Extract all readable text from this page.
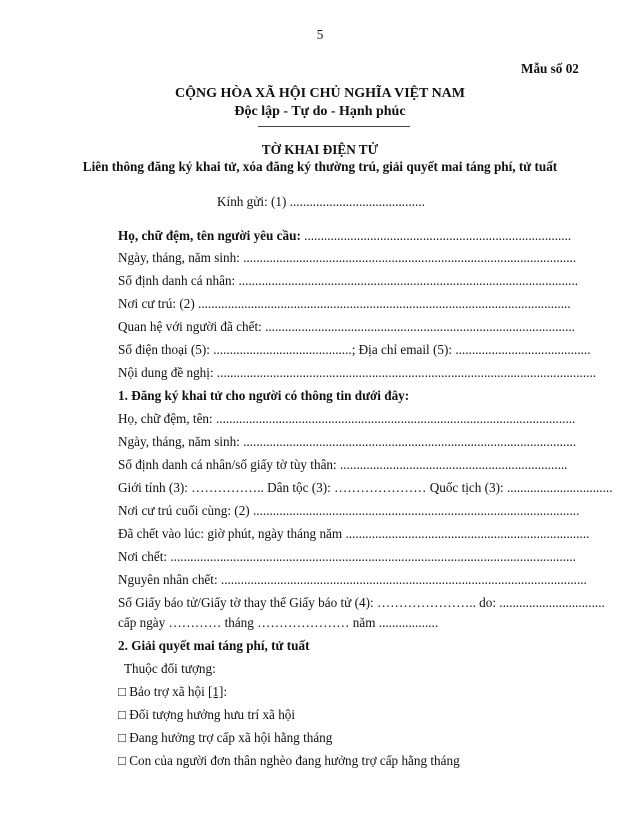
5
Mẫu số 02
CỘNG HÒA XÃ HỘI CHỦ NGHĨA VIỆT NAM
Độc lập - Tự do - Hạnh phúc
TỜ KHAI ĐIỆN TỬ
Liên thông đăng ký khai tử, xóa đăng ký thường trú, giải quyết mai táng phí, tử tuất
Kính gửi: (1) .........................................
Họ, chữ đệm, tên người yêu cầu: .................................................................................
Ngày, tháng, năm sinh: .....................................................................................................
Số định danh cá nhân: .......................................................................................................
Nơi cư trú: (2) .................................................................................................................
Quan hệ với người đã chết: ..............................................................................................
Số điện thoại (5): ..........................................; Địa chỉ email (5): .........................................
Nội dung đề nghị: ...................................................................................................................
1. Đăng ký khai tử cho người có thông tin dưới đây:
Họ, chữ đệm, tên: .............................................................................................................
Ngày, tháng, năm sinh: .....................................................................................................
Số định danh cá nhân/số giấy tờ tùy thân: .....................................................................
Giới tính (3): …………….. Dân tộc (3): ………………… Quốc tịch (3): ................................
Nơi cư trú cuối cùng: (2) ...................................................................................................
Đã chết vào lúc: giờ phút, ngày tháng năm ..........................................................................
Nơi chết: ...........................................................................................................................
Nguyên nhân chết: ...............................................................................................................
Số Giấy báo tử/Giấy tờ thay thế Giấy báo tử (4): ………………….. do: ................................
cấp ngày ………… tháng ………………… năm ..................
2. Giải quyết mai táng phí, tử tuất
Thuộc đối tượng:
□ Bảo trợ xã hội [1]:
□ Đối tượng hưởng hưu trí xã hội
□ Đang hưởng trợ cấp xã hội hằng tháng
□ Con của người đơn thân nghèo đang hưởng trợ cấp hằng tháng
